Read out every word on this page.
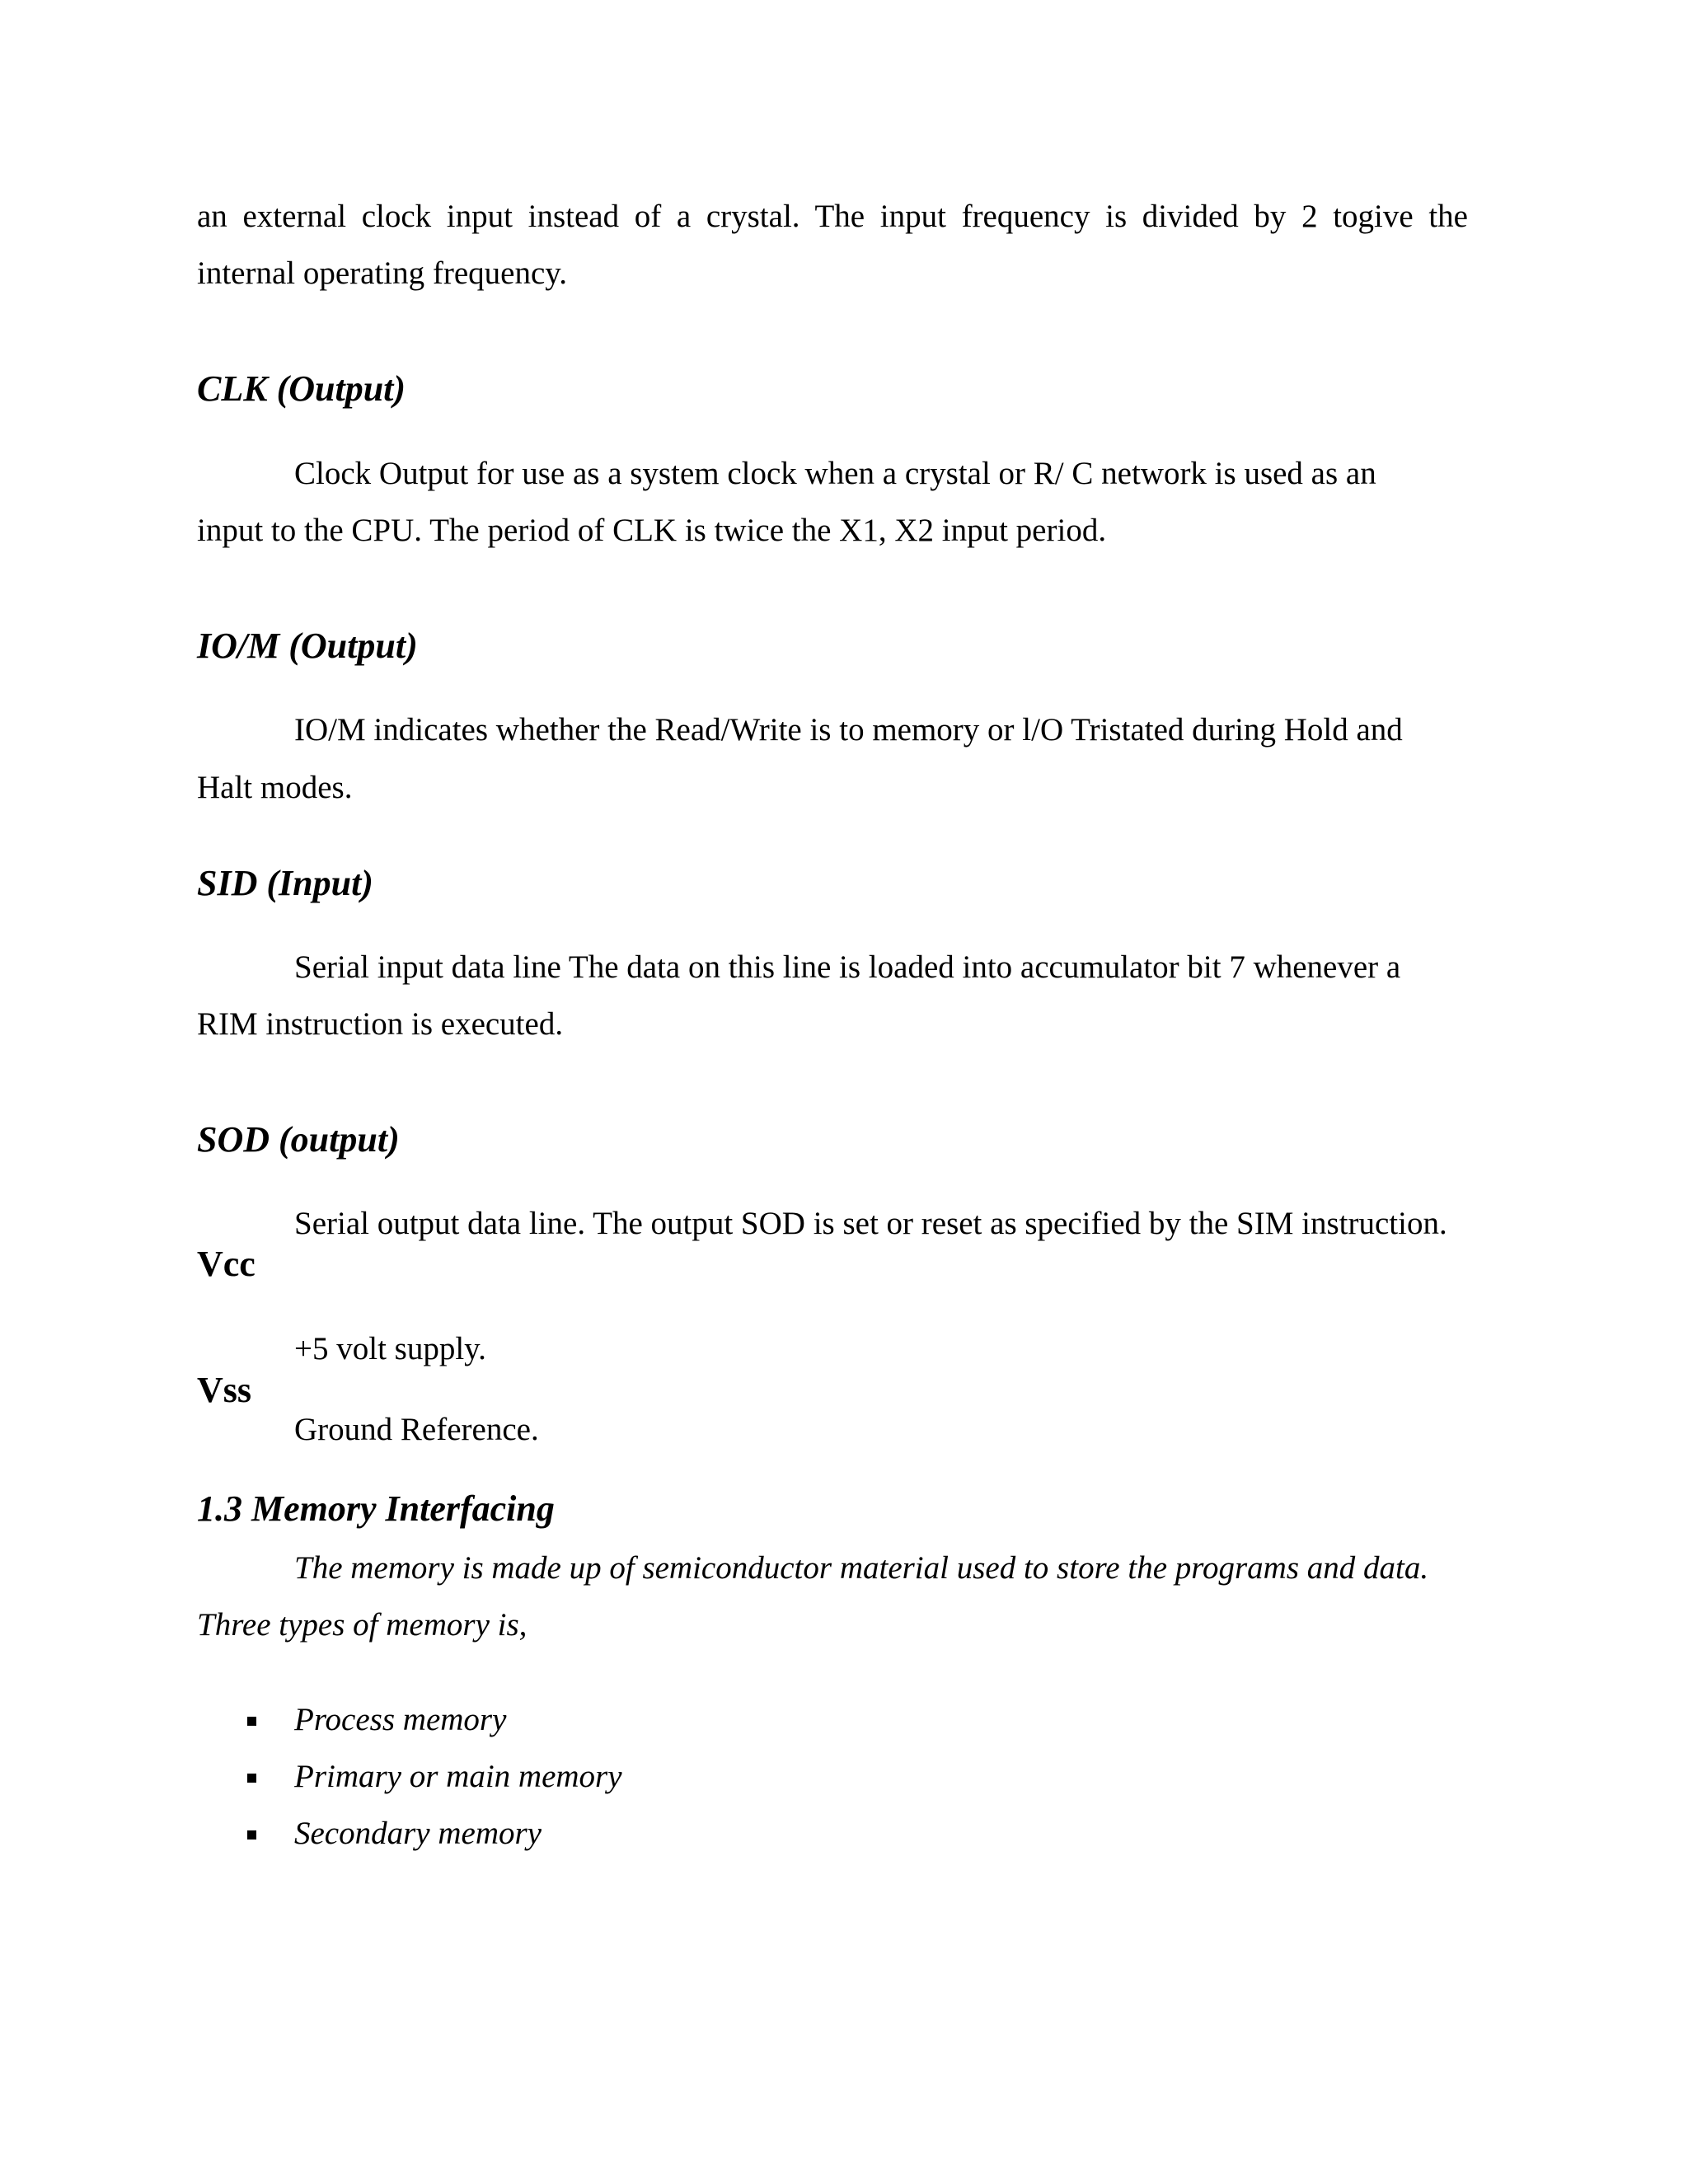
an external clock input instead of a crystal. The input frequency is divided by 2 togive the

internal operating frequency.

CLK (Output)

Clock Output for use as a system clock when a crystal or R/ C network is used as an

input to the CPU. The period of CLK is twice the X1, X2 input period.

IO/M (Output)

IO/M indicates whether the Read/Write is to memory or l/O Tristated during Hold and

Halt modes.

SID (Input)

Serial input data line The data on this line is loaded into accumulator bit 7 whenever a

RIM instruction is executed.

SOD (output)

Serial output data line. The output SOD is set or reset as specified by the SIM instruction.

Vcc

+5 volt supply.

Vss

Ground Reference.

1.3 Memory Interfacing

The memory is made up of semiconductor material used to store the programs and data.

Three types of memory is,

Process memory
Primary or main memory
Secondary memory
